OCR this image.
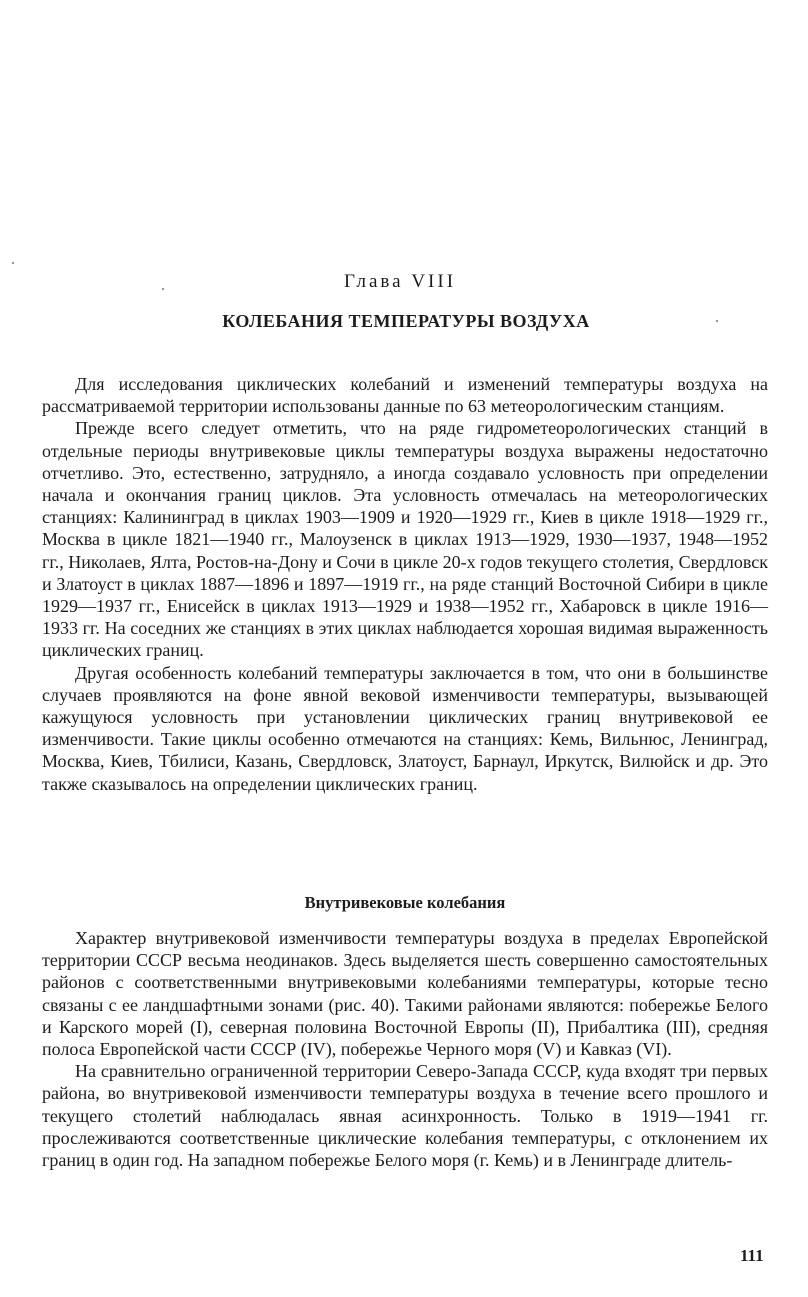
Глава VIII
КОЛЕБАНИЯ ТЕМПЕРАТУРЫ ВОЗДУХА

Для исследования циклических колебаний и изменений температуры воздуха на рассматриваемой территории использованы данные по 63 метеорологическим станциям.

Прежде всего следует отметить, что на ряде гидрометеорологических станций в отдельные периоды внутривековые циклы температуры воздуха выражены недостаточно отчетливо. Это, естественно, затрудняло, а иногда создавало условность при определении начала и окончания границ циклов. Эта условность отмечалась на метеорологических станциях: Калининград в циклах 1903—1909 и 1920—1929 гг., Киев в цикле 1918—1929 гг., Москва в цикле 1821—1940 гг., Малоузенск в циклах 1913—1929, 1930—1937, 1948—1952 гг., Николаев, Ялта, Ростов-на-Дону и Сочи в цикле 20-х годов текущего столетия, Свердловск и Златоуст в циклах 1887—1896 и 1897—1919 гг., на ряде станций Восточной Сибири в цикле 1929—1937 гг., Енисейск в циклах 1913—1929 и 1938—1952 гг., Хабаровск в цикле 1916—1933 гг. На соседних же станциях в этих циклах наблюдается хорошая видимая выраженность циклических границ.

Другая особенность колебаний температуры заключается в том, что они в большинстве случаев проявляются на фоне явной вековой изменчивости температуры, вызывающей кажущуюся условность при установлении циклических границ внутривековой ее изменчивости. Такие циклы особенно отмечаются на станциях: Кемь, Вильнюс, Ленинград, Москва, Киев, Тбилиси, Казань, Свердловск, Златоуст, Барнаул, Иркутск, Вилюйск и др. Это также сказывалось на определении циклических границ.

Внутривековые колебания

Характер внутривековой изменчивости температуры воздуха в пределах Европейской территории СССР весьма неодинаков. Здесь выделяется шесть совершенно самостоятельных районов с соответственными внутривековыми колебаниями температуры, которые тесно связаны с ее ландшафтными зонами (рис. 40). Такими районами являются: побережье Белого и Карского морей (I), северная половина Восточной Европы (II), Прибалтика (III), средняя полоса Европейской части СССР (IV), побережье Черного моря (V) и Кавказ (VI).

На сравнительно ограниченной территории Северо-Запада СССР, куда входят три первых района, во внутривековой изменчивости температуры воздуха в течение всего прошлого и текущего столетий наблюдалась явная асинхронность. Только в 1919—1941 гг. прослеживаются соответственные циклические колебания температуры, с отклонением их границ в один год. На западном побережье Белого моря (г. Кемь) и в Ленинграде длитель-

111
